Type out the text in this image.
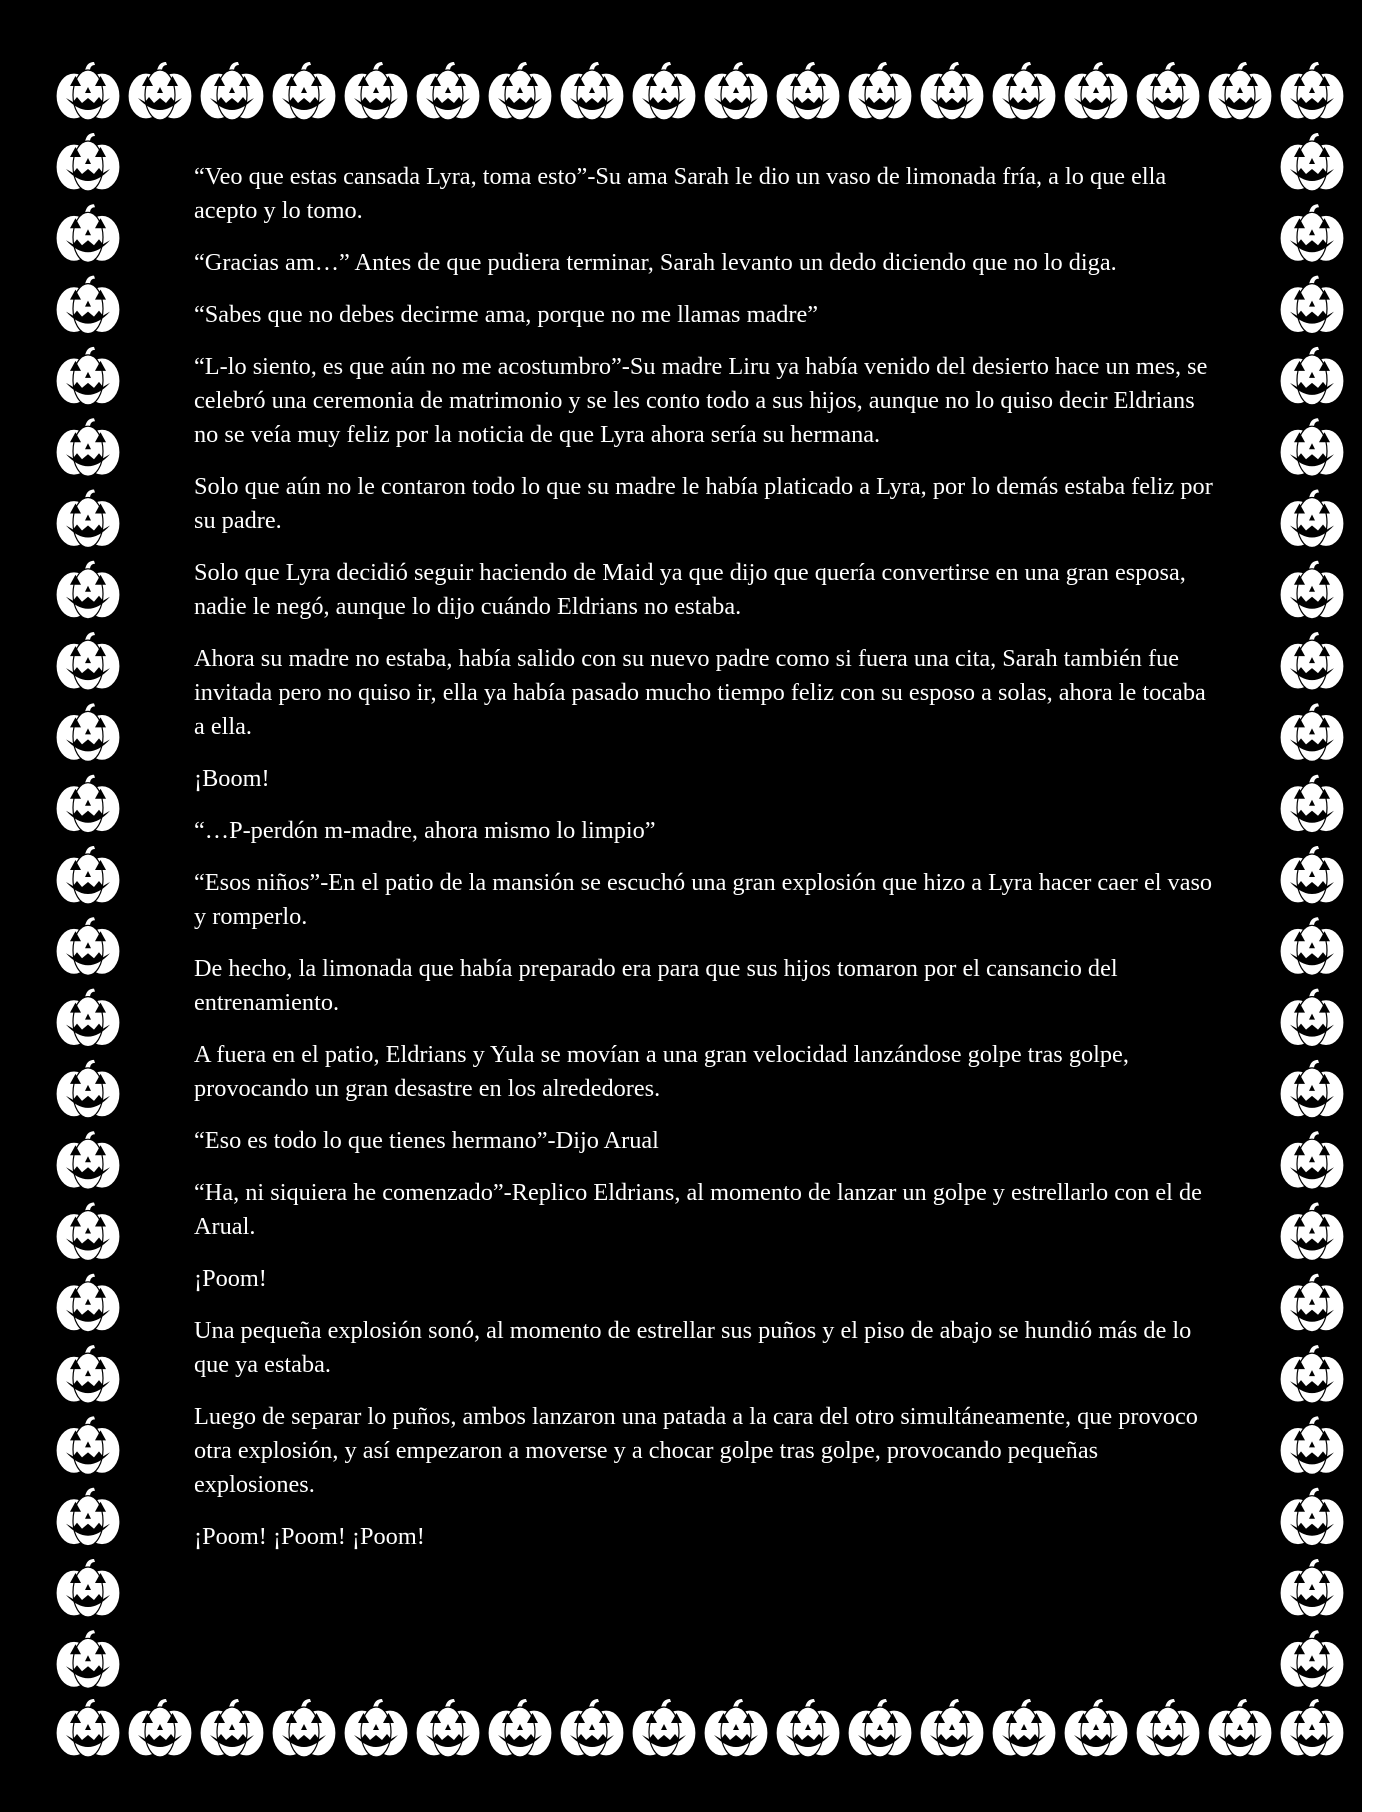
“Veo que estas cansada Lyra, toma esto”-Su ama Sarah le dio un vaso de limonada fría, a lo que ella acepto y lo tomo.

“Gracias am…” Antes de que pudiera terminar, Sarah levanto un dedo diciendo que no lo diga.

“Sabes que no debes decirme ama, porque no me llamas madre”

“L-lo siento, es que aún no me acostumbro”-Su madre Liru ya había venido del desierto hace un mes, se celebró una ceremonia de matrimonio y se les conto todo a sus hijos, aunque no lo quiso decir Eldrians no se veía muy feliz por la noticia de que Lyra ahora sería su hermana.

Solo que aún no le contaron todo lo que su madre le había platicado a Lyra, por lo demás estaba feliz por su padre.

Solo que Lyra decidió seguir haciendo de Maid ya que dijo que quería convertirse en una gran esposa, nadie le negó, aunque lo dijo cuándo Eldrians no estaba.

Ahora su madre no estaba, había salido con su nuevo padre como si fuera una cita, Sarah también fue invitada pero no quiso ir, ella ya había pasado mucho tiempo feliz con su esposo a solas, ahora le tocaba a ella.

¡Boom!

“…P-perdón m-madre, ahora mismo lo limpio”

“Esos niños”-En el patio de la mansión se escuchó una gran explosión que hizo a Lyra hacer caer el vaso y romperlo.

De hecho, la limonada que había preparado era para que sus hijos tomaron por el cansancio del entrenamiento.

A fuera en el patio, Eldrians y Yula se movían a una gran velocidad lanzándose golpe tras golpe, provocando un gran desastre en los alrededores.

“Eso es todo lo que tienes hermano”-Dijo Arual

“Ha, ni siquiera he comenzado”-Replico Eldrians, al momento de lanzar un golpe y estrellarlo con el de Arual.

¡Poom!

Una pequeña explosión sonó, al momento de estrellar sus puños y el piso de abajo se hundió más de lo que ya estaba.

Luego de separar lo puños, ambos lanzaron una patada a la cara del otro simultáneamente, que provoco otra explosión, y así empezaron a moverse y a chocar golpe tras golpe, provocando pequeñas explosiones.

¡Poom! ¡Poom! ¡Poom!
